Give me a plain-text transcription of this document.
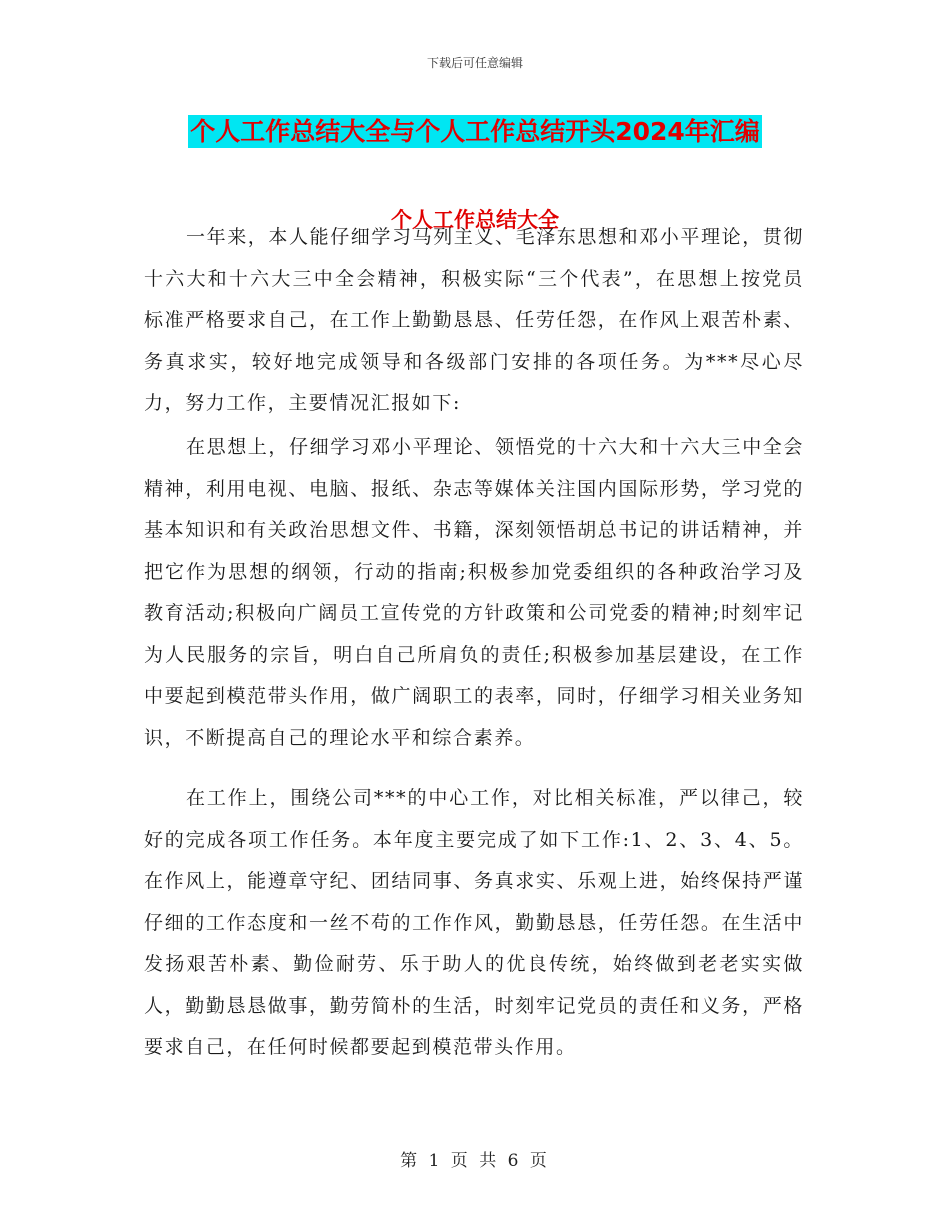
下载后可任意编辑
个人工作总结大全与个人工作总结开头2024年汇编
个人工作总结大全

一年来，本人能仔细学习马列主义、毛泽东思想和邓小平理论，贯彻十六大和十六大三中全会精神，积极实际“三个代表”，在思想上按党员标准严格要求自己，在工作上勤勤恳恳、任劳任怨，在作风上艰苦朴素、务真求实，较好地完成领导和各级部门安排的各项任务。为***尽心尽力，努力工作，主要情况汇报如下:

在思想上，仔细学习邓小平理论、领悟党的十六大和十六大三中全会精神，利用电视、电脑、报纸、杂志等媒体关注国内国际形势，学习党的基本知识和有关政治思想文件、书籍，深刻领悟胡总书记的讲话精神，并把它作为思想的纲领，行动的指南;积极参加党委组织的各种政治学习及教育活动;积极向广阔员工宣传党的方针政策和公司党委的精神;时刻牢记为人民服务的宗旨，明白自己所肩负的责任;积极参加基层建设，在工作中要起到模范带头作用，做广阔职工的表率，同时，仔细学习相关业务知识，不断提高自己的理论水平和综合素养。

在工作上，围绕公司***的中心工作，对比相关标准，严以律己，较好的完成各项工作任务。本年度主要完成了如下工作:1、2、3、4、5。 在作风上，能遵章守纪、团结同事、务真求实、乐观上进，始终保持严谨仔细的工作态度和一丝不苟的工作作风，勤勤恳恳，任劳任怨。在生活中发扬艰苦朴素、勤俭耐劳、乐于助人的优良传统，始终做到老老实实做人，勤勤恳恳做事，勤劳简朴的生活，时刻牢记党员的责任和义务，严格要求自己，在任何时候都要起到模范带头作用。

第 1 页 共 6 页
